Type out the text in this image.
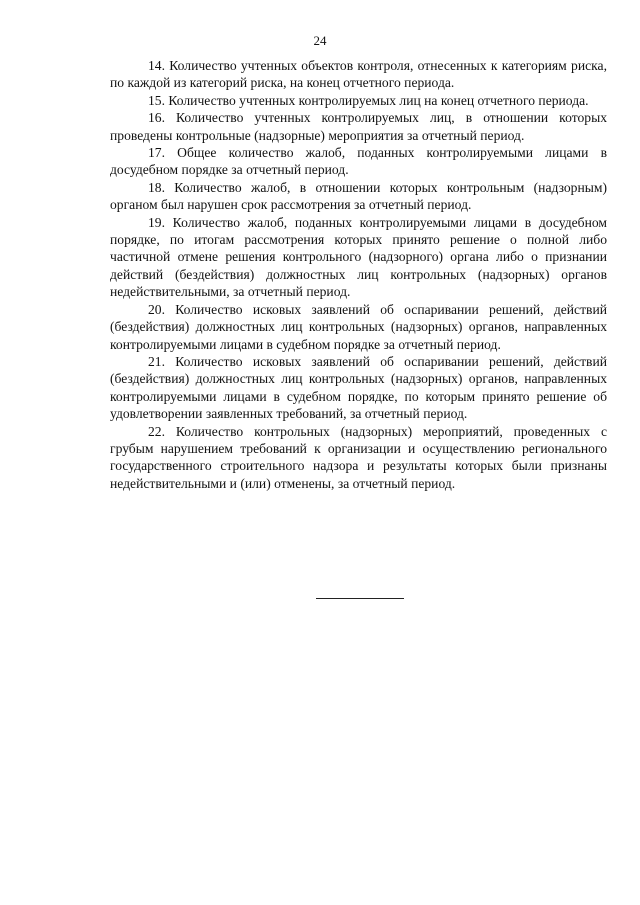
24

14. Количество учтенных объектов контроля, отнесенных к категориям риска, по каждой из категорий риска, на конец отчетного периода.

15. Количество учтенных контролируемых лиц на конец отчетного периода.

16. Количество учтенных контролируемых лиц, в отношении которых проведены контрольные (надзорные) мероприятия за отчетный период.

17. Общее количество жалоб, поданных контролируемыми лицами в досудебном порядке за отчетный период.

18. Количество жалоб, в отношении которых контрольным (надзорным) органом был нарушен срок рассмотрения за отчетный период.

19. Количество жалоб, поданных контролируемыми лицами в досудебном порядке, по итогам рассмотрения которых принято решение о полной либо частичной отмене решения контрольного (надзорного) органа либо о признании действий (бездействия) должностных лиц контрольных (надзорных) органов недействительными, за отчетный период.

20. Количество исковых заявлений об оспаривании решений, действий (бездействия) должностных лиц контрольных (надзорных) органов, направленных контролируемыми лицами в судебном порядке за отчетный период.

21. Количество исковых заявлений об оспаривании решений, действий (бездействия) должностных лиц контрольных (надзорных) органов, направленных контролируемыми лицами в судебном порядке, по которым принято решение об удовлетворении заявленных требований, за отчетный период.

22. Количество контрольных (надзорных) мероприятий, проведенных с грубым нарушением требований к организации и осуществлению регионального государственного строительного надзора и результаты которых были признаны недействительными и (или) отменены, за отчетный период.
